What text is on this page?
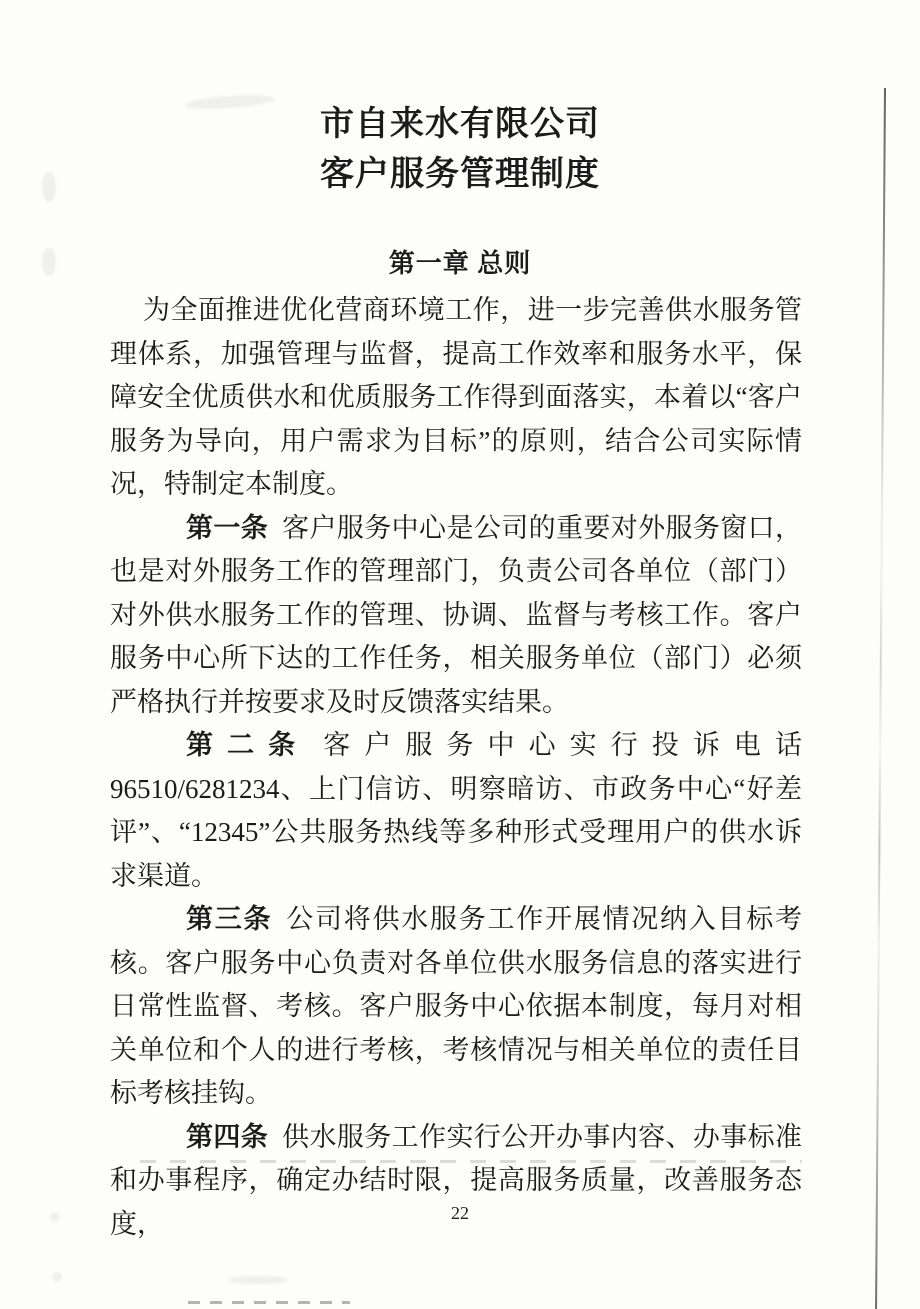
市自来水有限公司
客户服务管理制度
第一章 总则

为全面推进优化营商环境工作，进一步完善供水服务管理体系，加强管理与监督，提高工作效率和服务水平，保障安全优质供水和优质服务工作得到面落实，本着以“客户服务为导向，用户需求为目标”的原则，结合公司实际情况，特制定本制度。

第一条 客户服务中心是公司的重要对外服务窗口，也是对外服务工作的管理部门，负责公司各单位（部门）对外供水服务工作的管理、协调、监督与考核工作。客户服务中心所下达的工作任务，相关服务单位（部门）必须严格执行并按要求及时反馈落实结果。

第二条 客户服务中心实行投诉电话 96510/6281234、上门信访、明察暗访、市政务中心“好差评”、“12345”公共服务热线等多种形式受理用户的供水诉求渠道。

第三条 公司将供水服务工作开展情况纳入目标考核。客户服务中心负责对各单位供水服务信息的落实进行日常性监督、考核。客户服务中心依据本制度，每月对相关单位和个人的进行考核，考核情况与相关单位的责任目标考核挂钩。

第四条 供水服务工作实行公开办事内容、办事标准和办事程序，确定办结时限，提高服务质量，改善服务态度，	22
